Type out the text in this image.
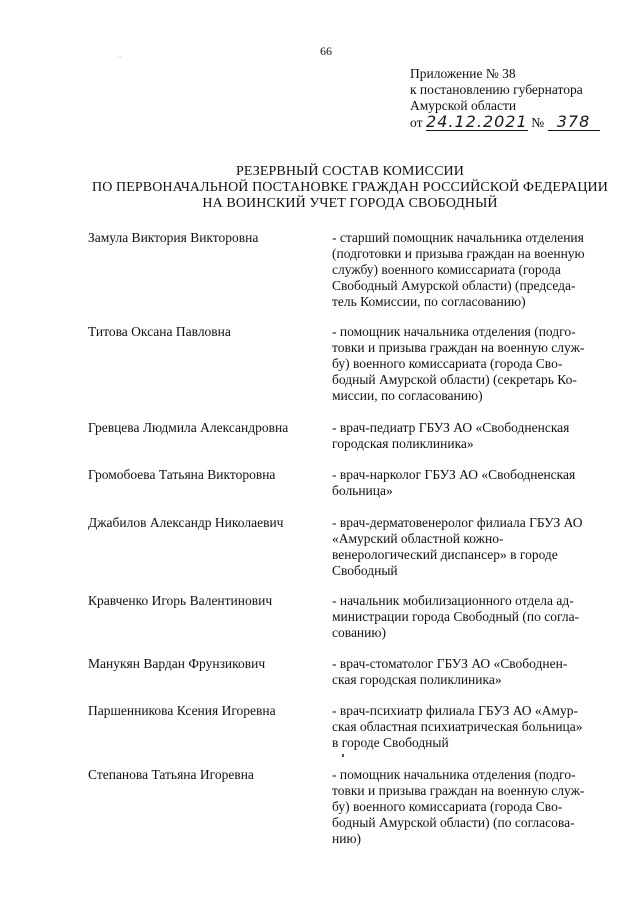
66
..
Приложение № 38
к постановлению губернатора
Амурской области
от 24.12.2021 № 378
РЕЗЕРВНЫЙ СОСТАВ КОМИССИИ
ПО ПЕРВОНАЧАЛЬНОЙ ПОСТАНОВКЕ ГРАЖДАН РОССИЙСКОЙ ФЕДЕРАЦИИ
НА ВОИНСКИЙ УЧЕТ ГОРОДА СВОБОДНЫЙ
Замула Виктория Викторовна	- старший помощник начальника отделения
(подготовки и призыва граждан на военную
службу) военного комиссариата (города
Свободный Амурской области) (председа-
тель Комиссии, по согласованию)
Титова Оксана Павловна	- помощник начальника отделения (подго-
товки и призыва граждан на военную служ-
бу) военного комиссариата (города Сво-
бодный Амурской области) (секретарь Ко-
миссии, по согласованию)
Гревцева Людмила Александровна	- врач-педиатр ГБУЗ АО «Свободненская
городская поликлиника»
Громобоева Татьяна Викторовна	- врач-нарколог ГБУЗ АО «Свободненская
больница»
Джабилов Александр Николаевич	- врач-дерматовенеролог филиала ГБУЗ АО
«Амурский областной кожно-
венерологический диспансер» в городе
Свободный
Кравченко Игорь Валентинович	- начальник мобилизационного отдела ад-
министрации города Свободный (по согла-
сованию)
Манукян Вардан Фрунзикович	- врач-стоматолог ГБУЗ АО «Свободнен-
ская городская поликлиника»
Паршенникова Ксения Игоревна	- врач-психиатр филиала ГБУЗ АО «Амур-
ская областная психиатрическая больница»
в городе Свободный
Степанова Татьяна Игоревна	- помощник начальника отделения (подго-
товки и призыва граждан на военную служ-
бу) военного комиссариата (города Сво-
бодный Амурской области) (по согласова-
нию)
